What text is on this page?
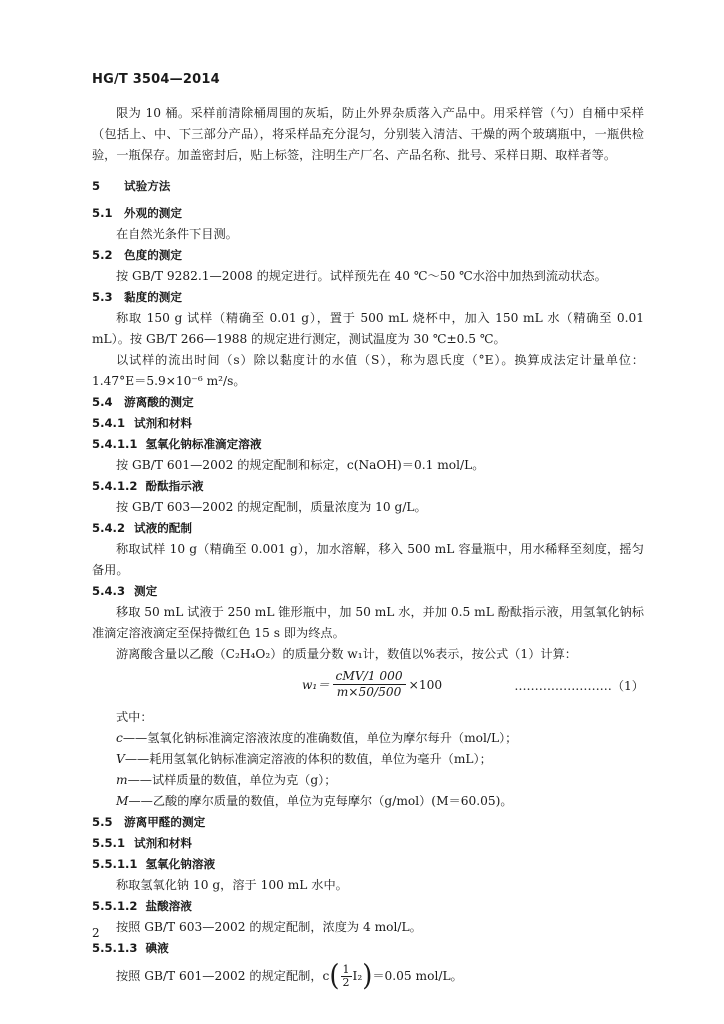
HG/T 3504—2014

限为 10 桶。采样前清除桶周围的灰垢，防止外界杂质落入产品中。用采样管（勺）自桶中采样（包括上、中、下三部分产品），将采样品充分混匀，分别装入清洁、干燥的两个玻璃瓶中，一瓶供检验，一瓶保存。加盖密封后，贴上标签，注明生产厂名、产品名称、批号、采样日期、取样者等。

5 试验方法
5.1 外观的测定

在自然光条件下目测。

5.2 色度的测定

按 GB/T 9282.1—2008 的规定进行。试样预先在 40 ℃～50 ℃水浴中加热到流动状态。

5.3 黏度的测定

称取 150 g 试样（精确至 0.01 g），置于 500 mL 烧杯中，加入 150 mL 水（精确至 0.01 mL）。按 GB/T 266—1988 的规定进行测定，测试温度为 30 ℃±0.5 ℃。

以试样的流出时间（s）除以黏度计的水值（S），称为恩氏度（°E）。换算成法定计量单位：1.47°E＝5.9×10⁻⁶ m²/s。

5.4 游离酸的测定
5.4.1 试剂和材料
5.4.1.1 氢氧化钠标准滴定溶液

按 GB/T 601—2002 的规定配制和标定，c(NaOH)＝0.1 mol/L。

5.4.1.2 酚酞指示液

按 GB/T 603—2002 的规定配制，质量浓度为 10 g/L。

5.4.2 试液的配制

称取试样 10 g（精确至 0.001 g），加水溶解，移入 500 mL 容量瓶中，用水稀释至刻度，摇匀备用。

5.4.3 测定

移取 50 mL 试液于 250 mL 锥形瓶中，加 50 mL 水，并加 0.5 mL 酚酞指示液，用氢氧化钠标准滴定溶液滴定至保持微红色 15 s 即为终点。

游离酸含量以乙酸（C₂H₄O₂）的质量分数 w₁计，数值以%表示，按公式（1）计算：

$w_1= \frac{\text{cMV/1 000}}{m\times 50/500} \times 100$	……………………（1）

式中：

c——氢氧化钠标准滴定溶液浓度的准确数值，单位为摩尔每升（mol/L）；

V——耗用氢氧化钠标准滴定溶液的体积的数值，单位为毫升（mL）；

m——试样质量的数值，单位为克（g）；

M——乙酸的摩尔质量的数值，单位为克每摩尔（g/mol）(M＝60.05)。

5.5 游离甲醛的测定
5.5.1 试剂和材料
5.5.1.1 氢氧化钠溶液

称取氢氧化钠 10 g，溶于 100 mL 水中。

5.5.1.2 盐酸溶液

按照 GB/T 603—2002 的规定配制，浓度为 4 mol/L。

5.5.1.3 碘液
按照 GB/T 601—2002 的规定配制，c ( $\frac{1}{2} I_2$ ) ＝0.05 mol/L。
2
